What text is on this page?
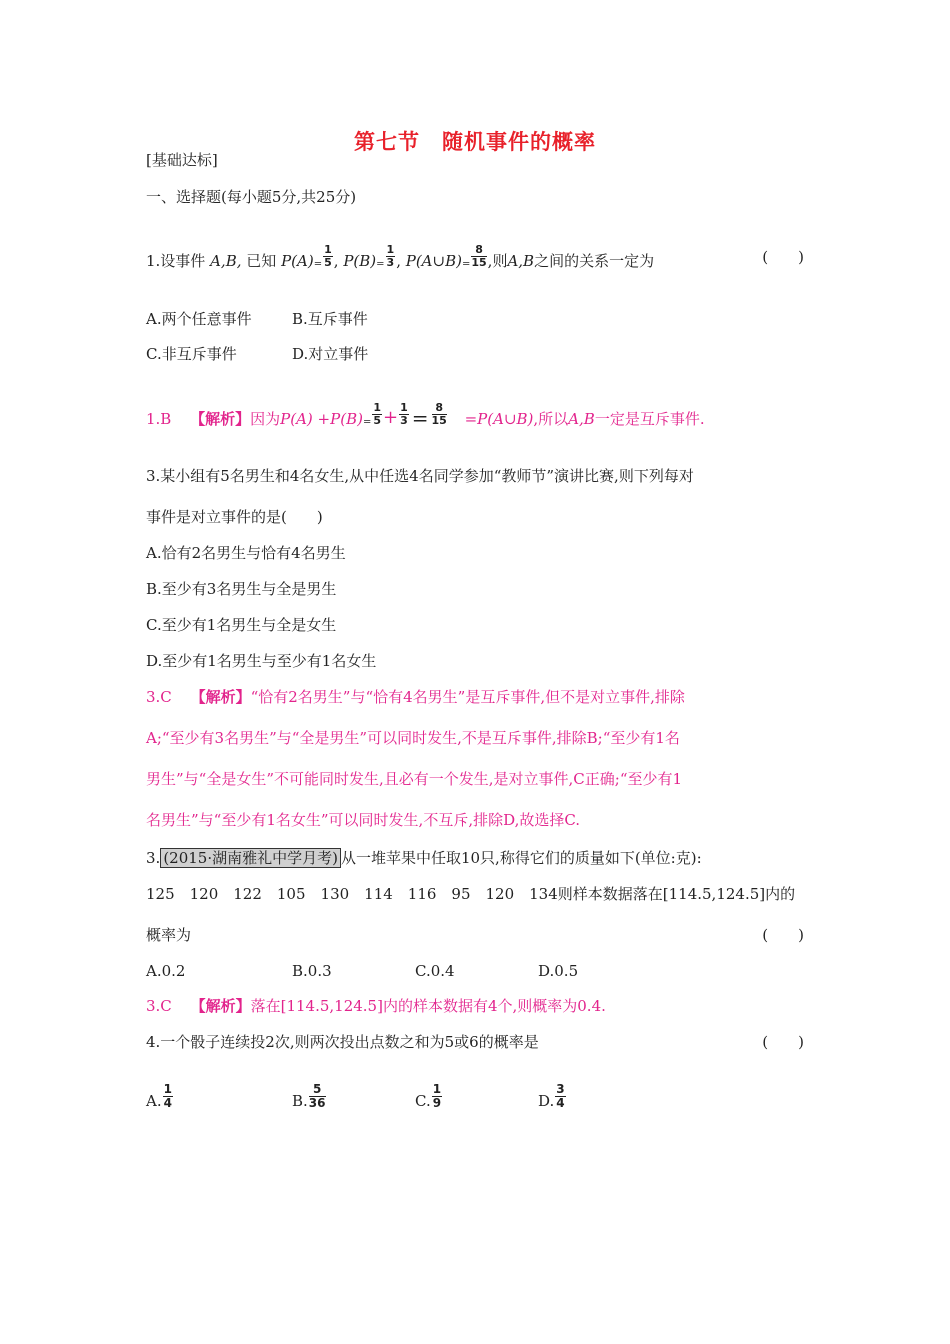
第七节　随机事件的概率
[基础达标]
一、选择题(每小题5分,共25分)
1.设事件 A,B, 已知 $P(A)_= \frac{1}{5}$ , $P(B)_= \frac{1}{3}$ , $P(A\cup B)_= \frac{8}{15}$ ,则A,B之间的关系一定为	(　　)
A.两个任意事件	B.互斥事件
C.非互斥事件	D.对立事件
1.B 【解析】因为$P(A) +P(B)_= \frac{1}{5} + \frac{1}{3} = \frac{8}{15}$ =P(A∪B),所以A,B一定是互斥事件.
3.某小组有5名男生和4名女生,从中任选4名同学参加“教师节”演讲比赛,则下列每对
事件是对立事件的是(　　)
A.恰有2名男生与恰有4名男生
B.至少有3名男生与全是男生
C.至少有1名男生与全是女生
D.至少有1名男生与至少有1名女生
3.C 【解析】“恰有2名男生”与“恰有4名男生”是互斥事件,但不是对立事件,排除
A;“至少有3名男生”与“全是男生”可以同时发生,不是互斥事件,排除B;“至少有1名
男生”与“全是女生”不可能同时发生,且必有一个发生,是对立事件,C正确;“至少有1
名男生”与“至少有1名女生”可以同时发生,不互斥,排除D,故选择C.
3. (2015·湖南雅礼中学月考) 从一堆苹果中任取10只,称得它们的质量如下(单位:克):
125　120　122　105　130　114　116　95　120　134则样本数据落在[114.5,124.5]内的
概率为	(　　)
A.0.2	B.0.3	C.0.4	D.0.5
3.C 【解析】落在[114.5,124.5]内的样本数据有4个,则概率为0.4.
4.一个骰子连续投2次,则两次投出点数之和为5或6的概率是	(　　)
A. $\frac{1}{4}$	B. $\frac{5}{36}$	C. $\frac{1}{9}$	D. $\frac{3}{4}$
